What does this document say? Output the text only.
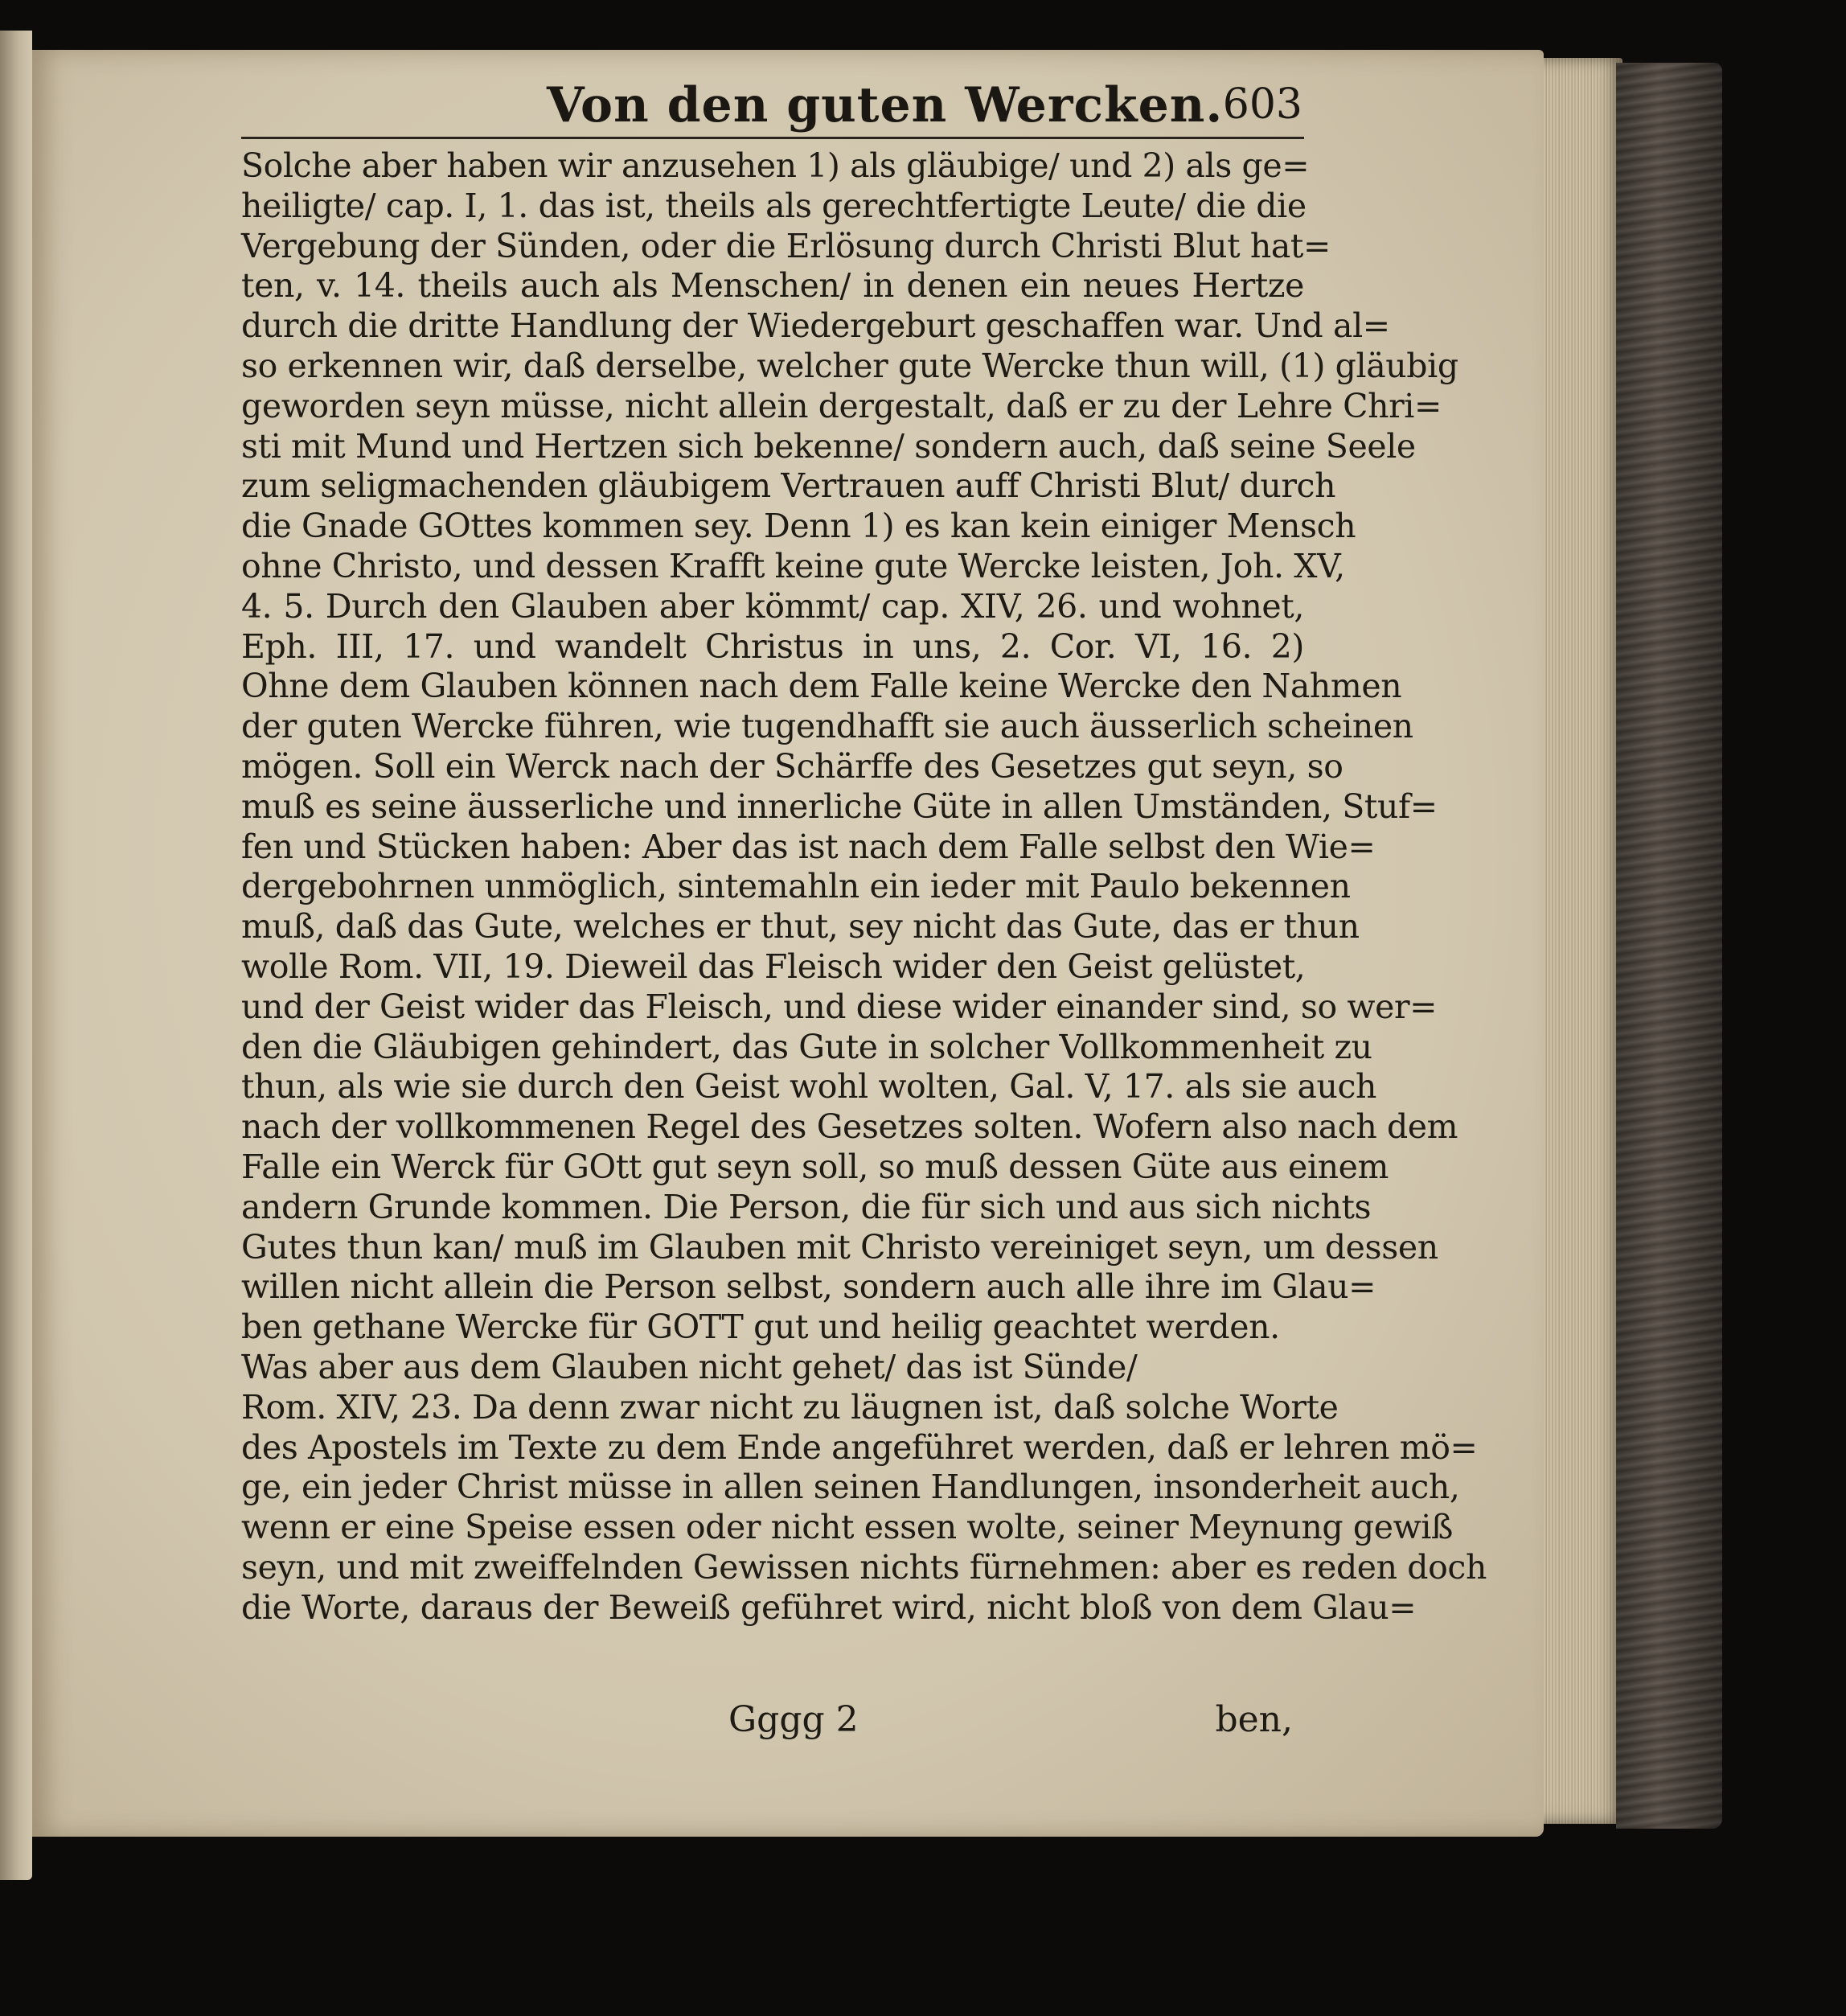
Von den guten Wercken. 603
Solche aber haben wir anzusehen 1) als gläubige/ und 2) als ge=
heiligte/ cap. I, 1. das ist, theils als gerechtfertigte Leute/ die die
Vergebung der Sünden, oder die Erlösung durch Christi Blut hat=
ten, v. 14. theils auch als Menschen/ in denen ein neues Hertze
durch die dritte Handlung der Wiedergeburt geschaffen war. Und al=
so erkennen wir, daß derselbe, welcher gute Wercke thun will, (1) gläubig
geworden seyn müsse, nicht allein dergestalt, daß er zu der Lehre Chri=
sti mit Mund und Hertzen sich bekenne/ sondern auch, daß seine Seele
zum seligmachenden gläubigem Vertrauen auff Christi Blut/ durch
die Gnade GOttes kommen sey. Denn 1) es kan kein einiger Mensch
ohne Christo, und dessen Krafft keine gute Wercke leisten, Joh. XV,
4. 5. Durch den Glauben aber kömmt/ cap. XIV, 26. und wohnet,
Eph. III, 17. und wandelt Christus in uns, 2. Cor. VI, 16. 2)
Ohne dem Glauben können nach dem Falle keine Wercke den Nahmen
der guten Wercke führen, wie tugendhafft sie auch äusserlich scheinen
mögen. Soll ein Werck nach der Schärffe des Gesetzes gut seyn, so
muß es seine äusserliche und innerliche Güte in allen Umständen, Stuf=
fen und Stücken haben: Aber das ist nach dem Falle selbst den Wie=
dergebohrnen unmöglich, sintemahln ein ieder mit Paulo bekennen
muß, daß das Gute, welches er thut, sey nicht das Gute, das er thun
wolle Rom. VII, 19. Dieweil das Fleisch wider den Geist gelüstet,
und der Geist wider das Fleisch, und diese wider einander sind, so wer=
den die Gläubigen gehindert, das Gute in solcher Vollkommenheit zu
thun, als wie sie durch den Geist wohl wolten, Gal. V, 17. als sie auch
nach der vollkommenen Regel des Gesetzes solten. Wofern also nach dem
Falle ein Werck für GOtt gut seyn soll, so muß dessen Güte aus einem
andern Grunde kommen. Die Person, die für sich und aus sich nichts
Gutes thun kan/ muß im Glauben mit Christo vereiniget seyn, um dessen
willen nicht allein die Person selbst, sondern auch alle ihre im Glau=
ben gethane Wercke für GOTT gut und heilig geachtet werden.
Was aber aus dem Glauben nicht gehet/ das ist Sünde/
Rom. XIV, 23. Da denn zwar nicht zu läugnen ist, daß solche Worte
des Apostels im Texte zu dem Ende angeführet werden, daß er lehren mö=
ge, ein jeder Christ müsse in allen seinen Handlungen, insonderheit auch,
wenn er eine Speise essen oder nicht essen wolte, seiner Meynung gewiß
seyn, und mit zweiffelnden Gewissen nichts fürnehmen: aber es reden doch
die Worte, daraus der Beweiß geführet wird, nicht bloß von dem Glau=
Gggg 2	ben,
